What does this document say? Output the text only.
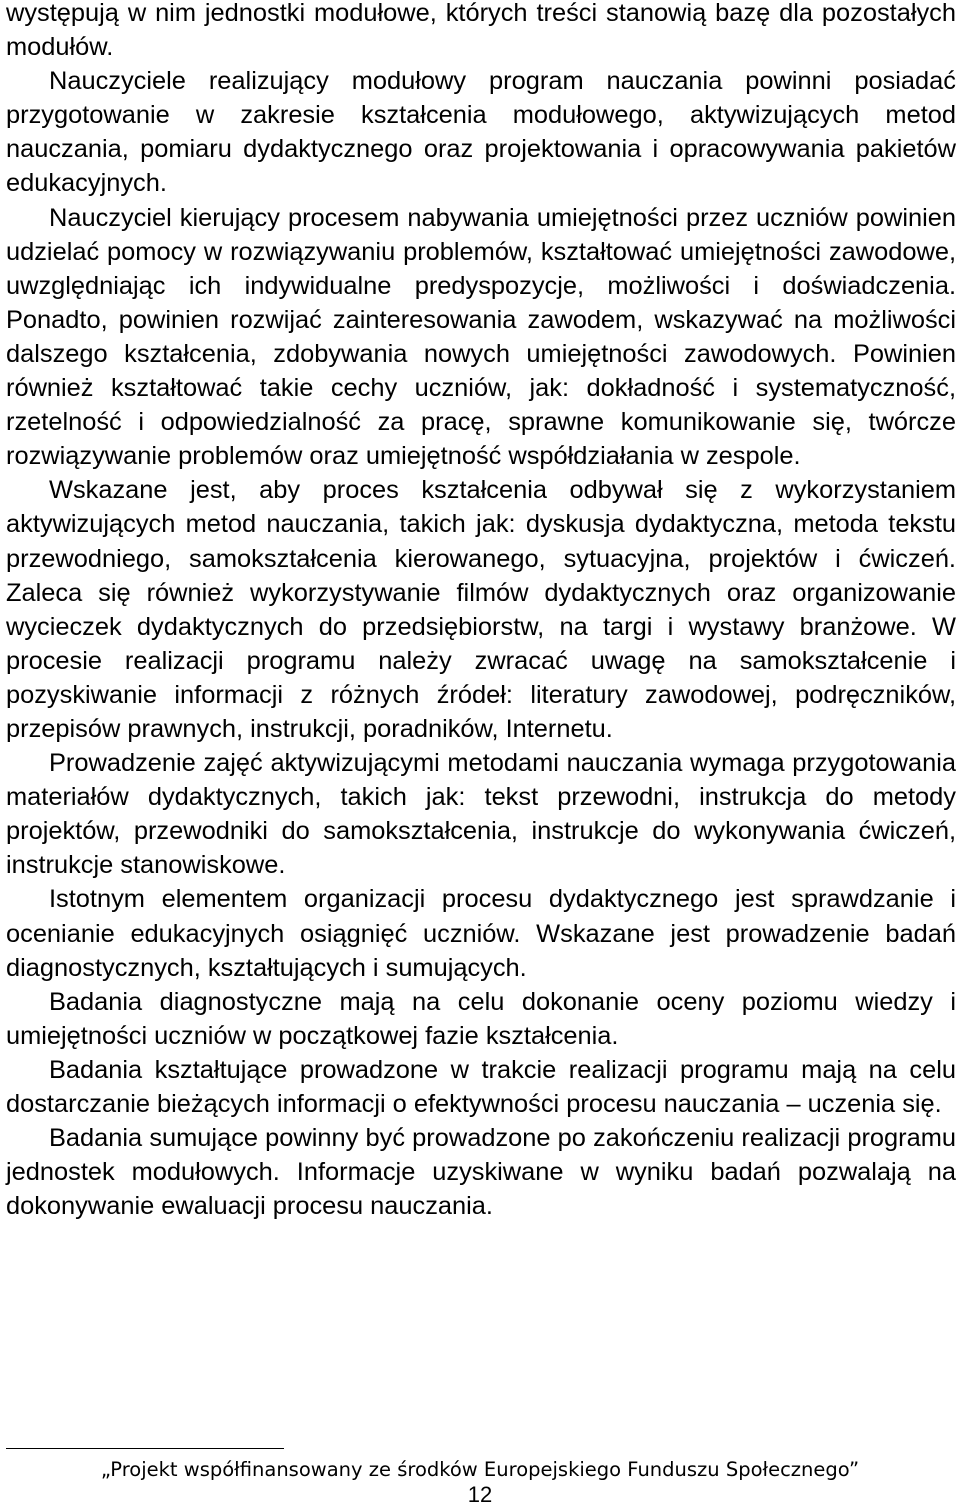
występują w nim jednostki modułowe, których treści stanowią bazę dla pozostałych modułów.

Nauczyciele realizujący modułowy program nauczania powinni posiadać przygotowanie w zakresie kształcenia modułowego, aktywizujących metod nauczania, pomiaru dydaktycznego oraz projektowania i opracowywania pakietów edukacyjnych.

Nauczyciel kierujący procesem nabywania umiejętności przez uczniów powinien udzielać pomocy w rozwiązywaniu problemów, kształtować umiejętności zawodowe, uwzględniając ich indywidualne predyspozycje, możliwości i doświadczenia. Ponadto, powinien rozwijać zainteresowania zawodem, wskazywać na możliwości dalszego kształcenia, zdobywania nowych umiejętności zawodowych. Powinien również kształtować takie cechy uczniów, jak: dokładność i systematyczność, rzetelność i odpowiedzialność za pracę, sprawne komunikowanie się, twórcze rozwiązywanie problemów oraz umiejętność współdziałania w zespole.

Wskazane jest, aby proces kształcenia odbywał się z wykorzystaniem aktywizujących metod nauczania, takich jak: dyskusja dydaktyczna, metoda tekstu przewodniego, samokształcenia kierowanego, sytuacyjna, projektów i ćwiczeń. Zaleca się również wykorzystywanie filmów dydaktycznych oraz organizowanie wycieczek dydaktycznych do przedsiębiorstw, na targi i wystawy branżowe. W procesie realizacji programu należy zwracać uwagę na samokształcenie i pozyskiwanie informacji z różnych źródeł: literatury zawodowej, podręczników, przepisów prawnych, instrukcji, poradników, Internetu.

Prowadzenie zajęć aktywizującymi metodami nauczania wymaga przygotowania materiałów dydaktycznych, takich jak: tekst przewodni, instrukcja do metody projektów, przewodniki do samokształcenia, instrukcje do wykonywania ćwiczeń, instrukcje stanowiskowe.

Istotnym elementem organizacji procesu dydaktycznego jest sprawdzanie i ocenianie edukacyjnych osiągnięć uczniów. Wskazane jest prowadzenie badań diagnostycznych, kształtujących i sumujących.

Badania diagnostyczne mają na celu dokonanie oceny poziomu wiedzy i umiejętności uczniów w początkowej fazie kształcenia.

Badania kształtujące prowadzone w trakcie realizacji programu mają na celu dostarczanie bieżących informacji o efektywności procesu nauczania – uczenia się.

Badania sumujące powinny być prowadzone po zakończeniu realizacji programu jednostek modułowych. Informacje uzyskiwane w wyniku badań pozwalają na dokonywanie ewaluacji procesu nauczania.

„Projekt współfinansowany ze środków Europejskiego Funduszu Społecznego”
12
